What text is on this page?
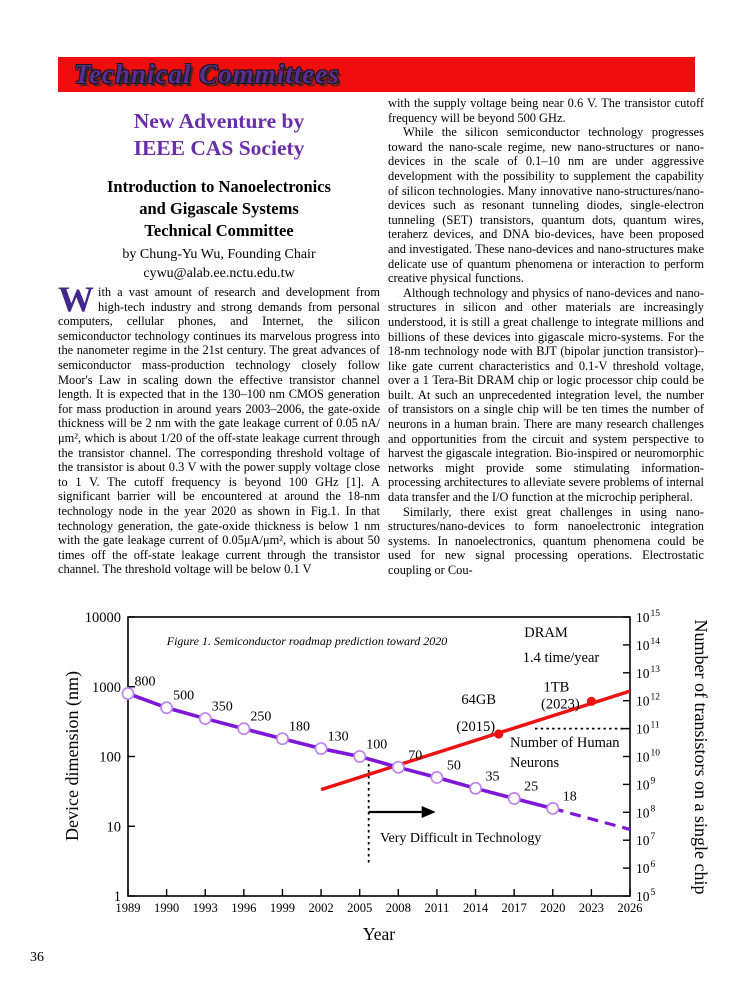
Technical Committees
New Adventure by
IEEE CAS Society
Introduction to Nanoelectronics
and Gigascale Systems
Technical Committee
by Chung-Yu Wu, Founding Chair
cywu@alab.ee.nctu.edu.tw
With a vast amount of research and development from high-tech industry and strong demands from personal computers, cellular phones, and Internet, the silicon semiconductor technology continues its marvelous progress into the nanometer regime in the 21st century. The great advances of semiconductor mass-production technology closely follow Moor's Law in scaling down the effective transistor channel length. It is expected that in the 130–100 nm CMOS generation for mass production in around years 2003–2006, the gate-oxide thickness will be 2 nm with the gate leakage current of 0.05 nA/μm², which is about 1/20 of the off-state leakage current through the transistor channel. The corresponding threshold voltage of the transistor is about 0.3 V with the power supply voltage close to 1 V. The cutoff frequency is beyond 100 GHz [1]. A significant barrier will be encountered at around the 18-nm technology node in the year 2020 as shown in Fig.1. In that technology generation, the gate-oxide thickness is below 1 nm with the gate leakage current of 0.05μA/μm², which is about 50 times off the off-state leakage current through the transistor channel. The threshold voltage will be below 0.1 V

with the supply voltage being near 0.6 V. The transistor cutoff frequency will be beyond 500 GHz.

While the silicon semiconductor technology progresses toward the nano-scale regime, new nano-structures or nano-devices in the scale of 0.1–10 nm are under aggressive development with the possibility to supplement the capability of silicon technologies. Many innovative nano-structures/nano-devices such as resonant tunneling diodes, single-electron tunneling (SET) transistors, quantum dots, quantum wires, teraherz devices, and DNA bio-devices, have been proposed and investigated. These nano-devices and nano-structures make delicate use of quantum phenomena or interaction to perform creative physical functions.

Although technology and physics of nano-devices and nano-structures in silicon and other materials are increasingly understood, it is still a great challenge to integrate millions and billions of these devices into gigascale micro-systems. For the 18-nm technology node with BJT (bipolar junction transistor)–like gate current characteristics and 0.1-V threshold voltage, over a 1 Tera-Bit DRAM chip or logic processor chip could be built. At such an unprecedented integration level, the number of transistors on a single chip will be ten times the number of neurons in a human brain. There are many research challenges and opportunities from the circuit and system perspective to harvest the gigascale integration. Bio-inspired or neuromorphic networks might provide some stimulating information-processing architectures to alleviate severe problems of internal data transfer and the I/O function at the microchip peripheral.

Similarly, there exist great challenges in using nano-structures/nano-devices to form nanoelectronic integration systems. In nanoelectronics, quantum phenomena could be used for new signal processing operations. Electrostatic coupling or Cou-

Figure 1. Semiconductor roadmap prediction toward 2020
10000
1000
100
10
1
$10^{15}$
$10^{14}$
$10^{13}$
$10^{12}$
$10^{11}$
$10^{10}$
$10^9$
$10^8$
$10^7$
$10^6$
$10^5$
1989 1990 1993 1996 1999 2002 2005 2008 2011 2014 2017 2020 2023 2026
Very Difficult in Technology
64GB
(2015)
1TB
(2023)
DRAM
1.4 time/year
Number of Human
Neurons
800
500
350
250
180
130
100
70
50
35
25
18
Device dimension (nm)	Number of transistors on a single chip
Year
36
